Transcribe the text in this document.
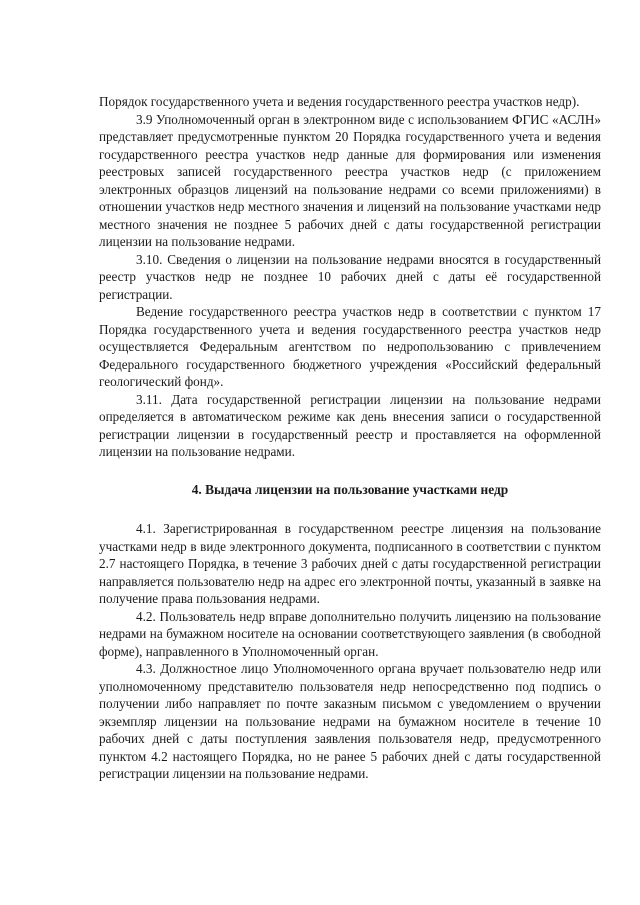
Порядок государственного учета и ведения государственного реестра участков недр).

3.9 Уполномоченный орган в электронном виде с использованием ФГИС «АСЛН» представляет предусмотренные пунктом 20 Порядка государственного учета и ведения государственного реестра участков недр данные для формирования или изменения реестровых записей государственного реестра участков недр (с приложением электронных образцов лицензий на пользование недрами со всеми приложениями) в отношении участков недр местного значения и лицензий на пользование участками недр местного значения не позднее 5 рабочих дней с даты государственной регистрации лицензии на пользование недрами.

3.10. Сведения о лицензии на пользование недрами вносятся в государственный реестр участков недр не позднее 10 рабочих дней с даты её государственной регистрации.

Ведение государственного реестра участков недр в соответствии с пунктом 17 Порядка государственного учета и ведения государственного реестра участков недр осуществляется Федеральным агентством по недропользованию с привлечением Федерального государственного бюджетного учреждения «Российский федеральный геологический фонд».

3.11. Дата государственной регистрации лицензии на пользование недрами определяется в автоматическом режиме как день внесения записи о государственной регистрации лицензии в государственный реестр и проставляется на оформленной лицензии на пользование недрами.

4. Выдача лицензии на пользование участками недр

4.1. Зарегистрированная в государственном реестре лицензия на пользование участками недр в виде электронного документа, подписанного в соответствии с пунктом 2.7 настоящего Порядка, в течение 3 рабочих дней с даты государственной регистрации направляется пользователю недр на адрес его электронной почты, указанный в заявке на получение права пользования недрами.

4.2. Пользователь недр вправе дополнительно получить лицензию на пользование недрами на бумажном носителе на основании соответствующего заявления (в свободной форме), направленного в Уполномоченный орган.

4.3. Должностное лицо Уполномоченного органа вручает пользователю недр или уполномоченному представителю пользователя недр непосредственно под подпись о получении либо направляет по почте заказным письмом с уведомлением о вручении экземпляр лицензии на пользование недрами на бумажном носителе в течение 10 рабочих дней с даты поступления заявления пользователя недр, предусмотренного пунктом 4.2 настоящего Порядка, но не ранее 5 рабочих дней с даты государственной регистрации лицензии на пользование недрами.
